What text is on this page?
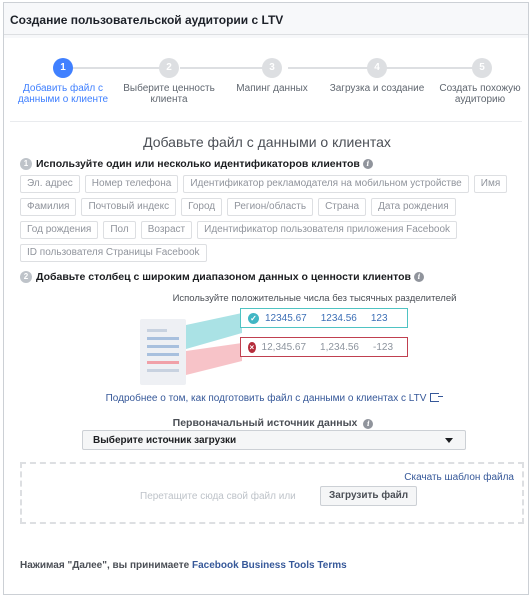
Создание пользовательской аудитории с LTV
1
Добавить файл с данными о клиенте
2
Выберите ценность клиента
3
Мапинг данных
4
Загрузка и создание
5
Создать похожую аудиторию
Добавьте файл с данными о клиентах
1 Используйте один или несколько идентификаторов клиентов i
Эл. адрес	Номер телефона	Идентификатор рекламодателя на мобильном устройстве	Имя
Фамилия	Почтовый индекс	Город	Регион/область	Страна	Дата рождения
Год рождения	Пол	Возраст	Идентификатор пользователя приложения Facebook
ID пользователя Страницы Facebook
2 Добавьте столбец с широким диапазоном данных о ценности клиентов i
Используйте положительные числа без тысячных разделителей
✓ 12345.67 1234.56 123
× 12,345.67 1,234.56 -123
Подробнее о том, как подготовить файл с данными о клиентах с LTV
Первоначальный источник данных i
Выберите источник загрузки
Скачать шаблон файла
Перетащите сюда свой файл или	Загрузить файл
Нажимая "Далее", вы принимаете Facebook Business Tools Terms
